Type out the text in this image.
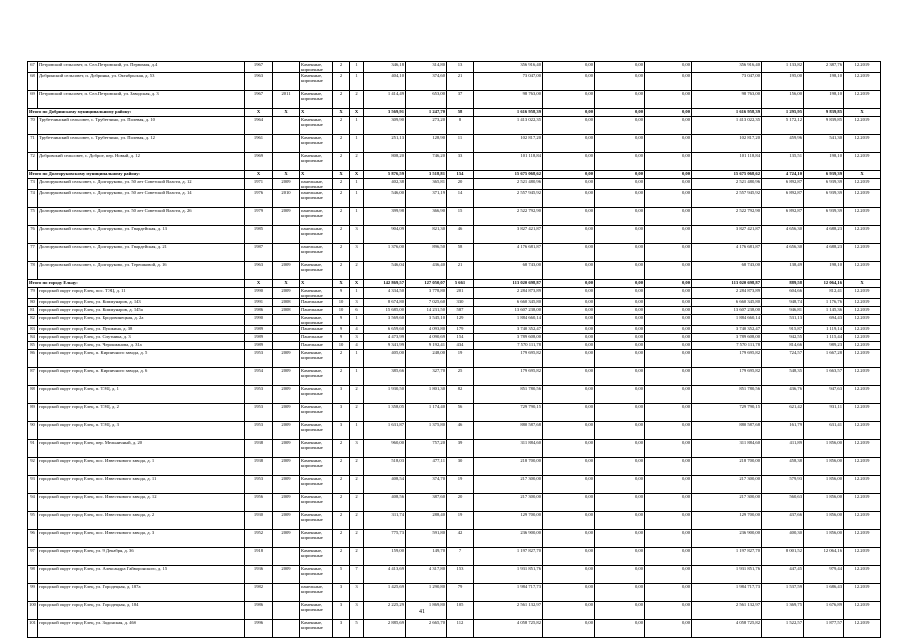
67	Петровский сельсовет, п. Сел.Петровский, ул. Первомая, д.4	1967		Каменные, кирпичные	2	1	346,18	314,80	13	356 916,40	0,00	0,00	0,00	356 916,40	1 133,82	2 387,76	12.2019
68	Добринский сельсовет, п. Добринка, ул. Октябрьская, д. 53	1963		Каменные, кирпичные	2	1	404,10	374,60	21	73 047,00	0,00	0,00	0,00	73 047,00	195,00	198,10	12.2019
69	Петровский сельсовет, п. Сел.Петровский, ул. Заводская, д. 3	1967	2011	Каменные, кирпичные	2	2	1 414,49	653,00	37	98 763,00	0,00	0,00	0,00	98 763,00	156,00	198,10	12.2019
Итого по Добринскому муниципальному району:		X	X	X	X	X	3 569,91	1 247,70	58	1 616 958,39	0,00	0,00	0,00	1 616 958,39	1 295,95	9 839,85	X
70	Трубетчинский сельсовет, с. Трубетчино, ул. Полевая, д. 10	1964		Каменные, кирпичные	2	1	309,90	273,20	8	1 413 022,35	0,00	0,00	0,00	1 413 022,35	5 172,12	9 839,85	12.2019
71	Трубетчинский сельсовет, с. Трубетчино, ул. Полевая, д. 12	1961		Каменные, кирпичные	2	1	251,13	128,90	11	102 817,20	0,00	0,00	0,00	102 817,20	459,96	541,30	12.2019
72	Добровский сельсовет, с. Доброе, пер. Новый, д. 12	1969		Каменные, кирпичные	2	2	808,20	746,20	33	101 118,84	0,00	0,00	0,00	101 118,84	135,51	198,10	12.2019
Итого по Долгоруковскому муниципальному району:		X	X	X	X	X	5 876,59	3 518,81	154	15 675 068,62	0,00	0,00	0,00	15 675 068,62	4 724,10	6 939,39	X
73	Долгоруковский сельсовет, с. Долгоруково, ул. 50 лет Советской Власти, д. 12	1971	2009	панельные, кирпичные	2	1	402,38	365,81	20	2 521 480,96	0,00	0,00	0,00	2 521 480,96	6 892,87	6 939,39	12.2019
74	Долгоруковский сельсовет, с. Долгоруково, ул. 50 лет Советской Власти, д. 14	1976	2010	панельные, кирпичные	2	1	546,00	371,19	14	2 557 945,92	0,00	0,00	0,00	2 557 945,92	6 892,87	6 939,39	12.2019
75	Долгоруковский сельсовет, с. Долгоруково, ул. 50 лет Советской Власти, д. 26	1979	2009	панельные, кирпичные	2	1	399,98	366,90	15	2 522 792,90	0,00	0,00	0,00	2 522 792,90	6 892,87	6 939,39	12.2019
76	Долгоруковский сельсовет, с. Долгоруково, ул. Гвардейская, д. 13	1985		панельные, кирпичные	2	3	904,09	821,30	46	3 827 421,87	0,00	0,00	0,00	3 827 421,87	4 656,30	4 688,23	12.2019
77	Долгоруковский сельсовет, с. Долгоруково, ул. Гвардейская, д. 21	1987		панельные, кирпичные	2	3	1 376,00	896,50	58	4 176 681,87	0,00	0,00	0,00	4 176 681,87	4 656,30	4 688,23	12.2019
78	Долгоруковский сельсовет, с. Долгоруково, ул. Терешковой, д. 16	1963	2009	Каменные, кирпичные	2	2	546,04	436,40	21	68 743,00	0,00	0,00	0,00	68 743,00	138,49	198,10	12.2019
Итого по городу Ельцу:		X	X	X	X	X	142 869,57	127 050,07	5 661	113 020 698,87	0,00	0,00	0,00	113 020 698,87	889,58	12 064,16	X
79	городской округ город Елец, пос. ТЭЦ, д. 11	1990	2009	Каменные, кирпичные	9	1	4 334,50	3 778,80	201	2 284 873,89	0,00	0,00	0,00	2 284 873,89	604,66	812,41	12.2019
80	городской округ город Елец, ул. Коммунаров, д. 143	1991	2008	Панельные	10	3	8 674,80	7 025,60	330	6 660 345,80	0,00	0,00	0,00	6 660 345,80	948,74	1 176,76	12.2019
81	городской округ город Елец, ул. Коммунаров, д. 145а	1986	2008	Панельные	10	6	15 685,00	14 231,50	587	13 607 238,00	0,00	0,00	0,00	13 607 238,00	946,81	1 145,36	12.2019
82	городской округ город Елец, ул. Бродовинецкая, д. 2а	1990		Каменные, кирпичные	9	1	3 569,60	3 545,10	129	1 884 660,14	0,00	0,00	0,00	1 884 660,14	531,13	694,43	12.2019
83	городской округ город Елец, ул. Пушкина, д. 38	1989		Панельные	9	4	6 659,60	4 093,80	179	3 740 352,47	0,00	0,00	0,00	3 740 352,47	915,87	1 119,14	12.2019
84	городской округ город Елец, ул. Спутника, д. 3	1989		Панельные	9	3	4 473,99	4 090,69	154	3 789 608,00	0,00	0,00	0,00	3 789 608,00	942,55	1 115,44	12.2019
85	городской округ город Елец, ул. Черокманова, д. 31а	1989		Панельные	10	4	9 341,99	9 192,41	434	7 570 111,78	0,00	0,00	0,00	7 570 111,78	814,66	989,23	12.2019
86	городской округ город Елец, п. Кирпичного завода, д. 5	1953	2009	Каменные, кирпичные	2	1	405,00	248,00	19	179 695,82	0,00	0,00	0,00	179 695,82	724,57	1 667,28	12.2019
87	городской округ город Елец, п. Кирпичного завода, д. 6	1954	2009	Каменные, кирпичные	2	1	385,66	327,70	25	179 695,82	0,00	0,00	0,00	179 695,82	548,35	1 663,57	12.2019
88	городской округ город Елец, п. ТЭЦ, д. 1	1953	2009	Каменные, кирпичные	3	2	1 930,50	1 801,30	82	851 780,56	0,00	0,00	0,00	851 780,56	436,76	947,63	12.2019
89	городской округ город Елец, п. ТЭЦ, д. 2	1953	2009	Каменные, кирпичные	3	2	1 358,05	1 174,40	56	729 790,15	0,00	0,00	0,00	729 790,15	621,42	931,11	12.2019
90	городской округ город Елец, п. ТЭЦ, д. 3	1953	2009	Каменные, кирпичные	3	1	1 631,87	1 375,80	46	880 587,68	0,00	0,00	0,00	880 587,68	161,79	631,41	12.2019
91	городской округ город Елец, пер. Мельничный, д. 20	1938	2009	Каменные, кирпичные	2	3	960,00	757,20	39	311 884,60	0,00	0,00	0,00	311 884,60	411,89	1 856,00	12.2019
92	городской округ город Елец, пос. Известкового завода, д. 1	1938	2009	Каменные, кирпичные	2	2	518,03	477,11	30	218 700,00	0,00	0,00	0,00	218 700,00	458,38	1 856,00	12.2019
93	городской округ город Елец, пос. Известкового завода, д. 11	1953	2009	Каменные, кирпичные	2	2	408,54	374,70	19	217 300,00	0,00	0,00	0,00	217 300,00	579,93	1 856,00	12.2019
94	городской округ город Елец, пос. Известкового завода, д. 12	1956	2009	Каменные, кирпичные	2	2	408,56	387,60	20	217 300,00	0,00	0,00	0,00	217 300,00	560,63	1 856,00	12.2019
95	городской округ город Елец, пос. Известкового завода, д. 2	1930	2009	Каменные, кирпичные	2	2	311,74	288,40	19	129 700,00	0,00	0,00	0,00	129 700,00	437,66	1 856,00	12.2019
96	городской округ город Елец, пос. Известкового завода, д. 3	1952	2009	Каменные, кирпичные	2	2	775,73	591,80	42	236 900,00	0,00	0,00	0,00	236 900,00	400,30	1 856,00	12.2019
97	городской округ город Елец, ул. 9 Декабря, д. 36	1918		Каменные, кирпичные	2	2	159,00	149,70	7	1 197 827,70	0,00	0,00	0,00	1 197 827,70	8 001,52	12 064,16	12.2019
98	городской округ город Елец, ул. Александра Гайворонского, д. 15	1936	2009	Каменные, кирпичные	5	7	4 413,69	4 317,80	153	1 931 851,76	0,00	0,00	0,00	1 931 851,76	447,45	979,44	12.2019
99	городской округ город Елец, ул. Городецкая, д. 187а	1982		панельные, кирпичные	3	3	1 425,69	1 290,80	79	1 984 717,73	0,00	0,00	0,00	1 984 717,73	1 537,59	1 686,43	12.2019
100	городской округ город Елец, ул. Городецкая, д. 184	1986		Каменные, кирпичные	3	3	2 225,29	1 869,80	105	2 561 132,97	0,00	0,00	0,00	2 561 132,97	1 369,75	1 676,89	12.2019
101	городской округ город Елец, ул. Задонская, д. 46б	1996		Каменные, кирпичные	3	5	2 885,69	2 665,70	112	4 058 725,82	0,00	0,00	0,00	4 058 725,82	1 522,57	1 877,57	12.2019
41
